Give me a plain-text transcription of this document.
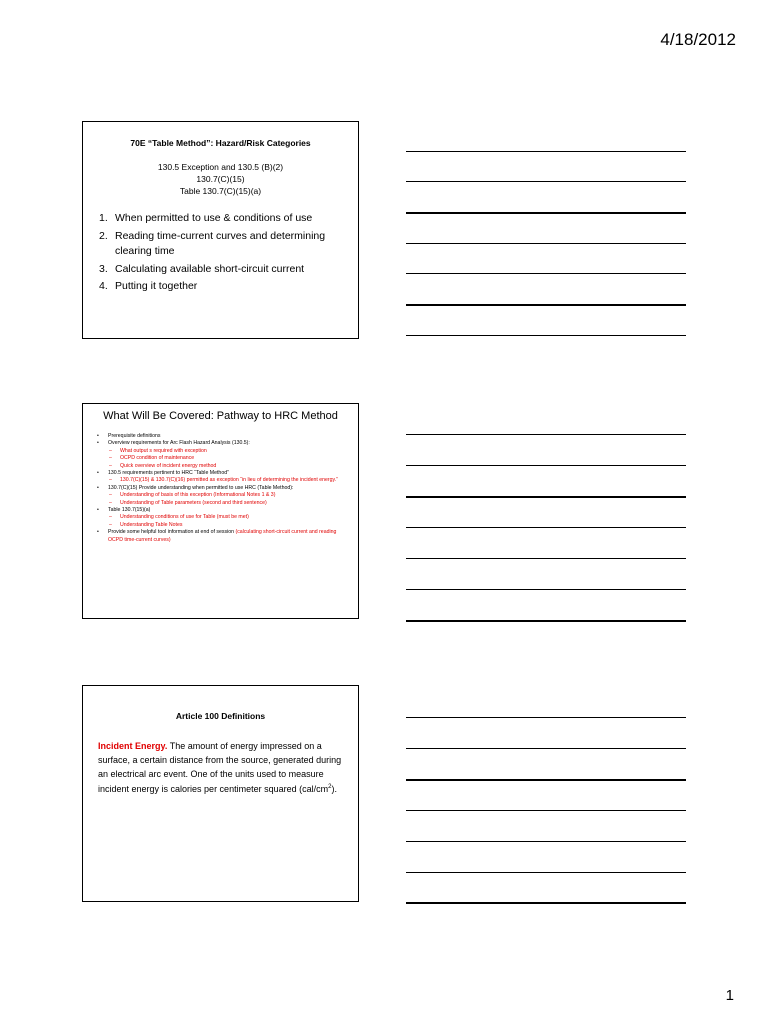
4/18/2012
70E “Table Method”: Hazard/Risk Categories
130.5 Exception and 130.5 (B)(2)
130.7(C)(15)
Table 130.7(C)(15)(a)
1. When permitted to use & conditions of use
2. Reading time-current curves and determining clearing time
3. Calculating available short-circuit current
4. Putting it together
What Will Be Covered: Pathway to HRC Method
•	Prerequisite definitions
•	Overview requirements for Arc Flash Hazard Analysis (130.5):
–	What output s required with exception
–	OCPD condition of maintenance
–	Quick overview of incident energy method
•	130.5 requirements pertinent to HRC “Table Method”
–	130.7(C)(15) & 130.7(C)(16) permitted as exception “in lieu of determining the incident energy.”
•	130.7(C)(15) Provide understanding when permitted to use HRC (Table Method):
–	Understanding of basis of this exception (Informational Notes 1 & 3)
–	Understanding of Table parameters (second and third sentence)
•	Table 130.7(15)(a)
–	Understanding conditions of use for Table (must be met)
–	Understanding Table Notes
•	Provide some helpful tool information at end of session (calculating short-circuit current and reading OCPD time-current curves)
Article 100 Definitions
Incident Energy. The amount of energy impressed on a surface, a certain distance from the source, generated during an electrical arc event. One of the units used to measure incident energy is calories per centimeter squared $(cal/cm^2)$.
1
